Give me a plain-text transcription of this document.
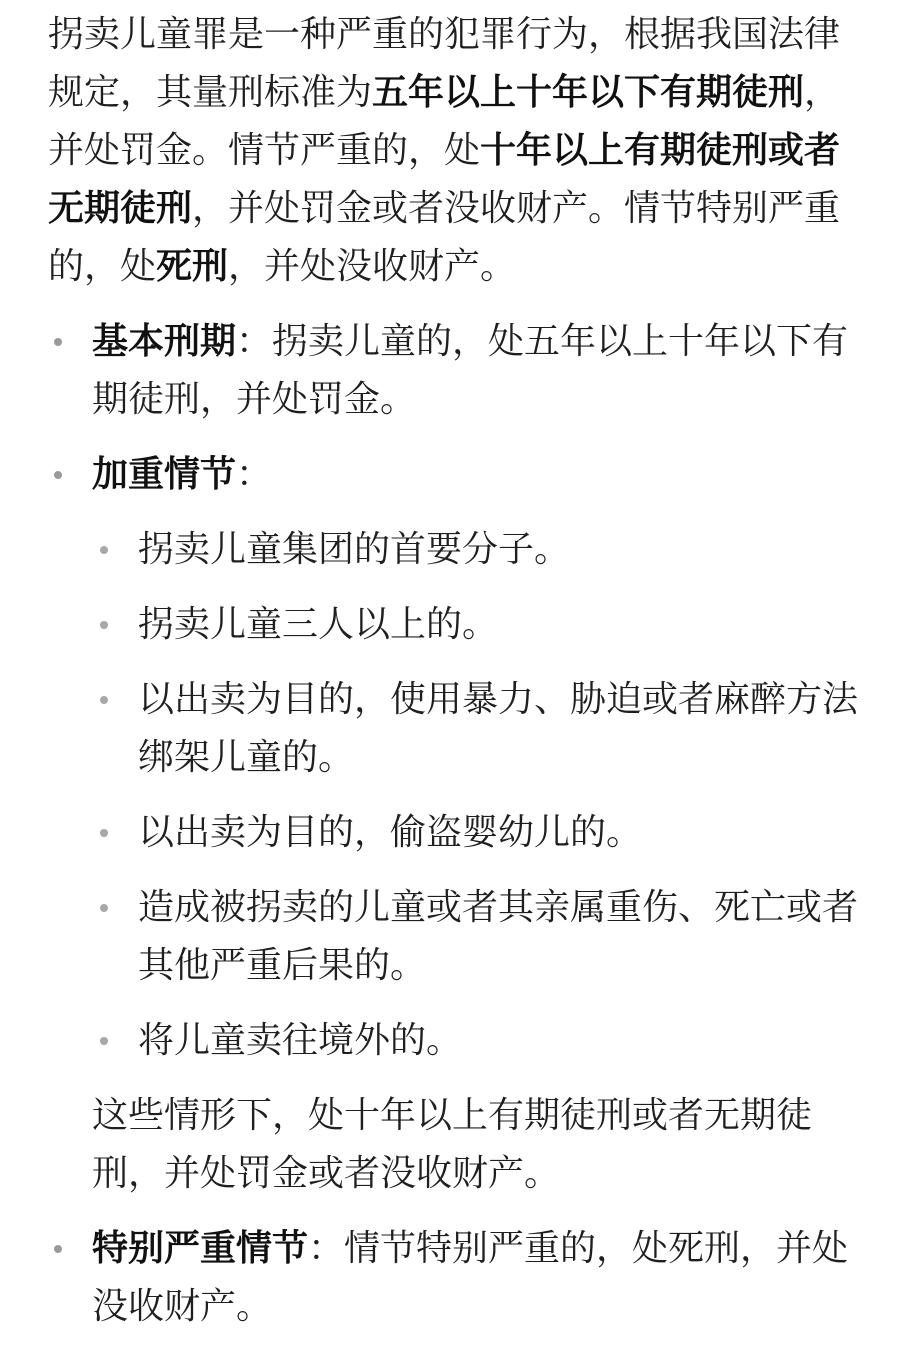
拐卖儿童罪是一种严重的犯罪行为，根据我国法律规定，其量刑标准为五年以上十年以下有期徒刑，并处罚金。情节严重的，处十年以上有期徒刑或者无期徒刑，并处罚金或者没收财产。情节特别严重的，处死刑，并处没收财产。

基本刑期：拐卖儿童的，处五年以上十年以下有期徒刑，并处罚金。
加重情节：
拐卖儿童集团的首要分子。
拐卖儿童三人以上的。
以出卖为目的，使用暴力、胁迫或者麻醉方法绑架儿童的。
以出卖为目的，偷盗婴幼儿的。
造成被拐卖的儿童或者其亲属重伤、死亡或者其他严重后果的。
将儿童卖往境外的。

这些情形下，处十年以上有期徒刑或者无期徒刑，并处罚金或者没收财产。

特别严重情节：情节特别严重的，处死刑，并处没收财产。
